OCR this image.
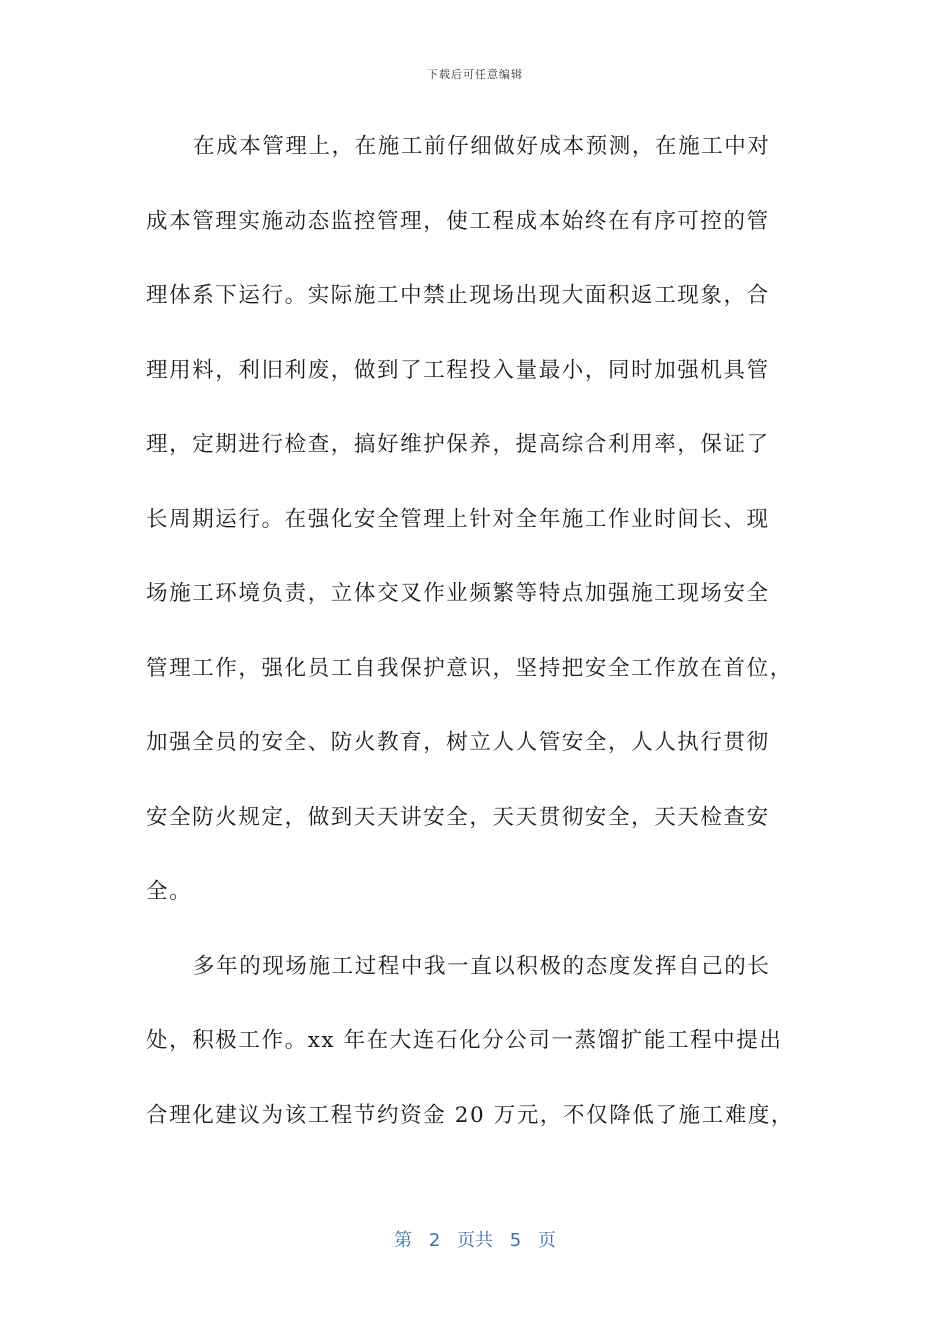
下载后可任意编辑
在成本管理上，在施工前仔细做好成本预测，在施工中对
成本管理实施动态监控管理，使工程成本始终在有序可控的管
理体系下运行。实际施工中禁止现场出现大面积返工现象，合
理用料，利旧利废，做到了工程投入量最小，同时加强机具管
理，定期进行检查，搞好维护保养，提高综合利用率，保证了
长周期运行。在强化安全管理上针对全年施工作业时间长、现
场施工环境负责，立体交叉作业频繁等特点加强施工现场安全
管理工作，强化员工自我保护意识，坚持把安全工作放在首位，
加强全员的安全、防火教育，树立人人管安全，人人执行贯彻
安全防火规定，做到天天讲安全，天天贯彻安全，天天检查安
全。
多年的现场施工过程中我一直以积极的态度发挥自己的长
处，积极工作。xx 年在大连石化分公司一蒸馏扩能工程中提出
合理化建议为该工程节约资金 20 万元，不仅降低了施工难度，
第 2 页共 5 页
